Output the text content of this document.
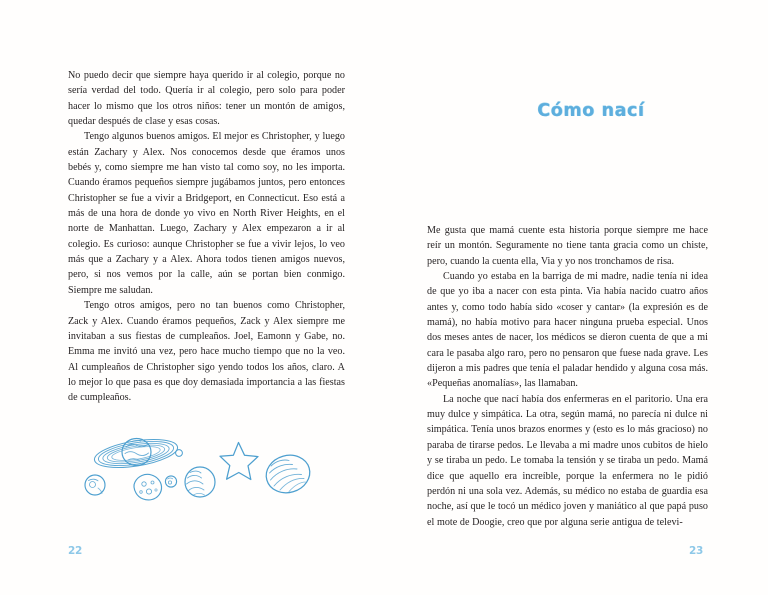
No puedo decir que siempre haya querido ir al colegio, porque no sería verdad del todo. Quería ir al colegio, pero solo para poder hacer lo mismo que los otros niños: tener un montón de amigos, quedar después de clase y esas cosas.

Tengo algunos buenos amigos. El mejor es Christopher, y luego están Zachary y Alex. Nos conocemos desde que éramos unos bebés y, como siempre me han visto tal como soy, no les importa. Cuando éramos pequeños siempre jugábamos juntos, pero entonces Christopher se fue a vivir a Bridgeport, en Connecticut. Eso está a más de una hora de donde yo vivo en North River Heights, en el norte de Manhattan. Luego, Zachary y Alex empezaron a ir al colegio. Es curioso: aunque Christopher se fue a vivir lejos, lo veo más que a Zachary y a Alex. Ahora todos tienen amigos nuevos, pero, si nos vemos por la calle, aún se portan bien conmigo. Siempre me saludan.

Tengo otros amigos, pero no tan buenos como Christopher, Zack y Alex. Cuando éramos pequeños, Zack y Alex siempre me invitaban a sus fiestas de cumpleaños. Joel, Eamonn y Gabe, no. Emma me invitó una vez, pero hace mucho tiempo que no la veo. Al cumpleaños de Christopher sigo yendo todos los años, claro. A lo mejor lo que pasa es que doy demasiada importancia a las fiestas de cumpleaños.

22
Cómo nací

Me gusta que mamá cuente esta historia porque siempre me hace reír un montón. Seguramente no tiene tanta gracia como un chiste, pero, cuando la cuenta ella, Via y yo nos tronchamos de risa.

Cuando yo estaba en la barriga de mi madre, nadie tenía ni idea de que yo iba a nacer con esta pinta. Via había nacido cuatro años antes y, como todo había sido «coser y cantar» (la expresión es de mamá), no había motivo para hacer ninguna prueba especial. Unos dos meses antes de nacer, los médicos se dieron cuenta de que a mi cara le pasaba algo raro, pero no pensaron que fuese nada grave. Les dijeron a mis padres que tenía el paladar hendido y alguna cosa más. «Pequeñas anomalías», las llamaban.

La noche que nací había dos enfermeras en el paritorio. Una era muy dulce y simpática. La otra, según mamá, no parecía ni dulce ni simpática. Tenía unos brazos enormes y (esto es lo más gracioso) no paraba de tirarse pedos. Le llevaba a mi madre unos cubitos de hielo y se tiraba un pedo. Le tomaba la tensión y se tiraba un pedo. Mamá dice que aquello era increíble, porque la enfermera no le pidió perdón ni una sola vez. Además, su médico no estaba de guardia esa noche, así que le tocó un médico joven y maniático al que papá puso el mote de Doogie, creo que por alguna serie antigua de televi-

23
